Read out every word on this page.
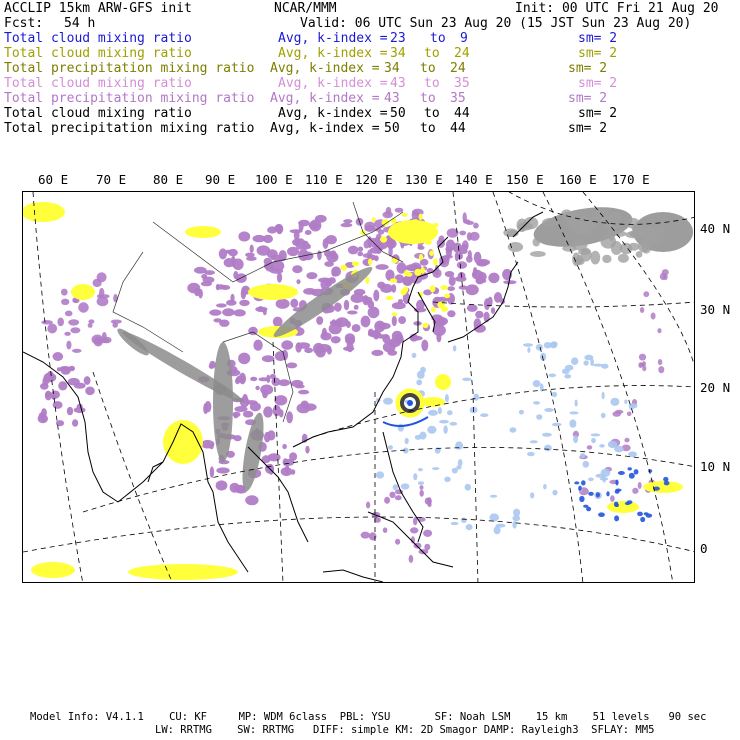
ACCLIP 15km ARW-GFS init	NCAR/MMM	Init: 00 UTC Fri 21 Aug 20
Fcst: 54 h	Valid: 06 UTC Sun 23 Aug 20 (15 JST Sun 23 Aug 20)
Total cloud mixing ratio	Avg, k-index = 23 to 9	sm= 2
Total cloud mixing ratio	Avg, k-index = 34 to 24	sm= 2
Total precipitation mixing ratio Avg, k-index = 34 to 24	sm= 2
Total cloud mixing ratio	Avg, k-index = 43 to 35	sm= 2
Total precipitation mixing ratio Avg, k-index = 43 to 35	sm= 2
Total cloud mixing ratio	Avg, k-index = 50 to 44	sm= 2
Total precipitation mixing ratio Avg, k-index = 50 to 44	sm= 2
60 E 70 E 80 E 90 E 100 E 110 E 120 E 130 E 140 E 150 E 160 E 170 E
40 N
30 N
20 N
10 N
0
Model Info: V4.1.1    CU: KF     MP: WDM 6class  PBL: YSU       SF: Noah LSM    15 km    51 levels   90 sec
LW: RRTMG    SW: RRTMG   DIFF: simple KM: 2D Smagor DAMP: Rayleigh3  SFLAY: MM5
